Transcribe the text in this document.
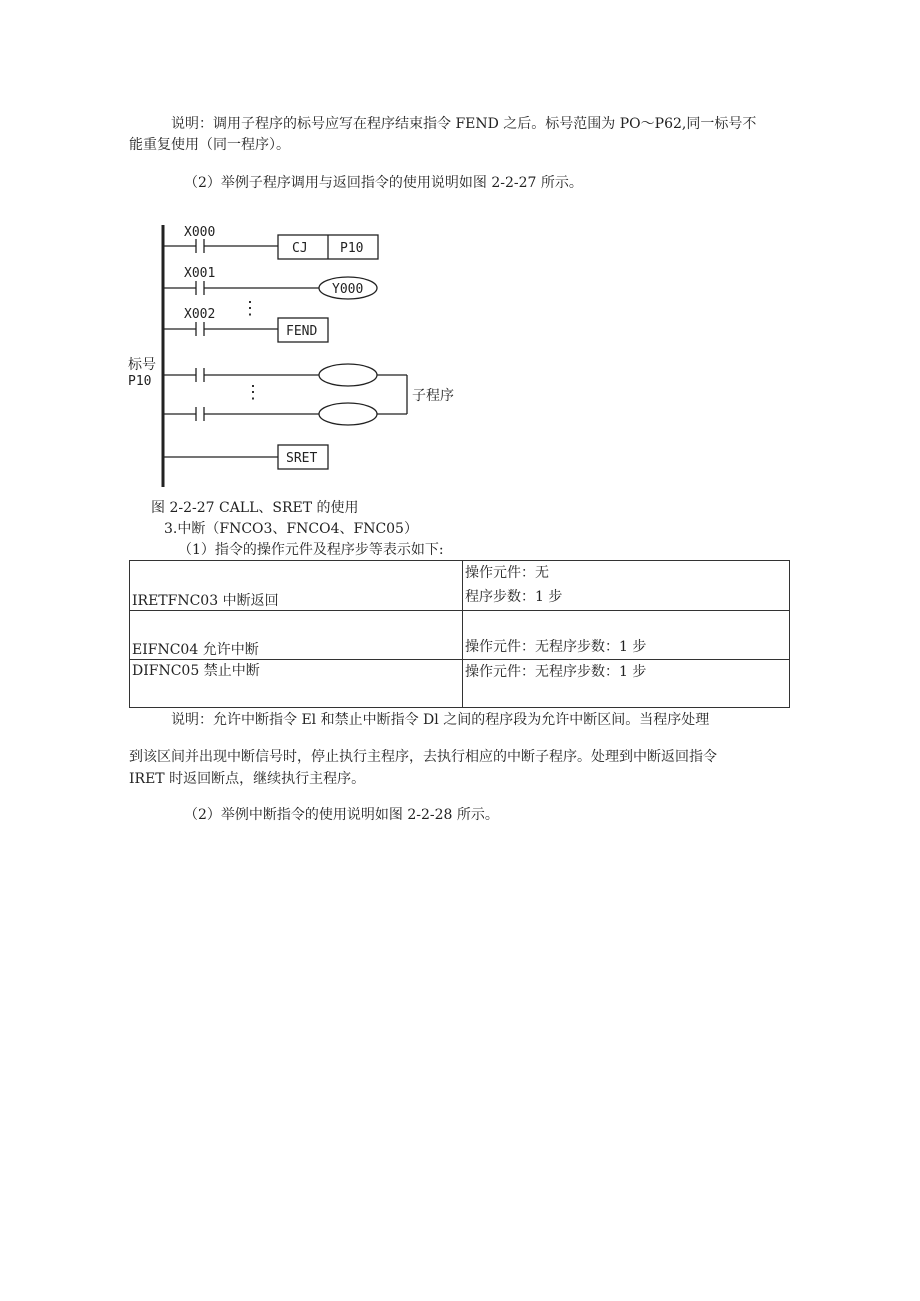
说明：调用子程序的标号应写在程序结束指令 FEND 之后。标号范围为 PO～P62,同一标号不
能重复使用（同一程序）。
（2）举例子程序调用与返回指令的使用说明如图 2-2-27 所示。
X000
CJ P10
X001
Y000
⋮
X002
FEND
标号
P10
⋮	子程序
SRET
图 2-2-27 CALL、SRET 的使用
3.中断（FNCO3、FNCO4、FNC05）
（1）指令的操作元件及程序步等表示如下:
IRETFNC03 中断返回	操作元件：无
程序步数：1 步

EIFNC04 允许中断	操作元件：无程序步数：1 步

DIFNC05 禁止中断	操作元件：无程序步数：1 步
说明：允许中断指令 El 和禁止中断指令 Dl 之间的程序段为允许中断区间。当程序处理
到该区间并出现中断信号时，停止执行主程序，去执行相应的中断子程序。处理到中断返回指令
IRET 时返回断点，继续执行主程序。
（2）举例中断指令的使用说明如图 2-2-28 所示。
